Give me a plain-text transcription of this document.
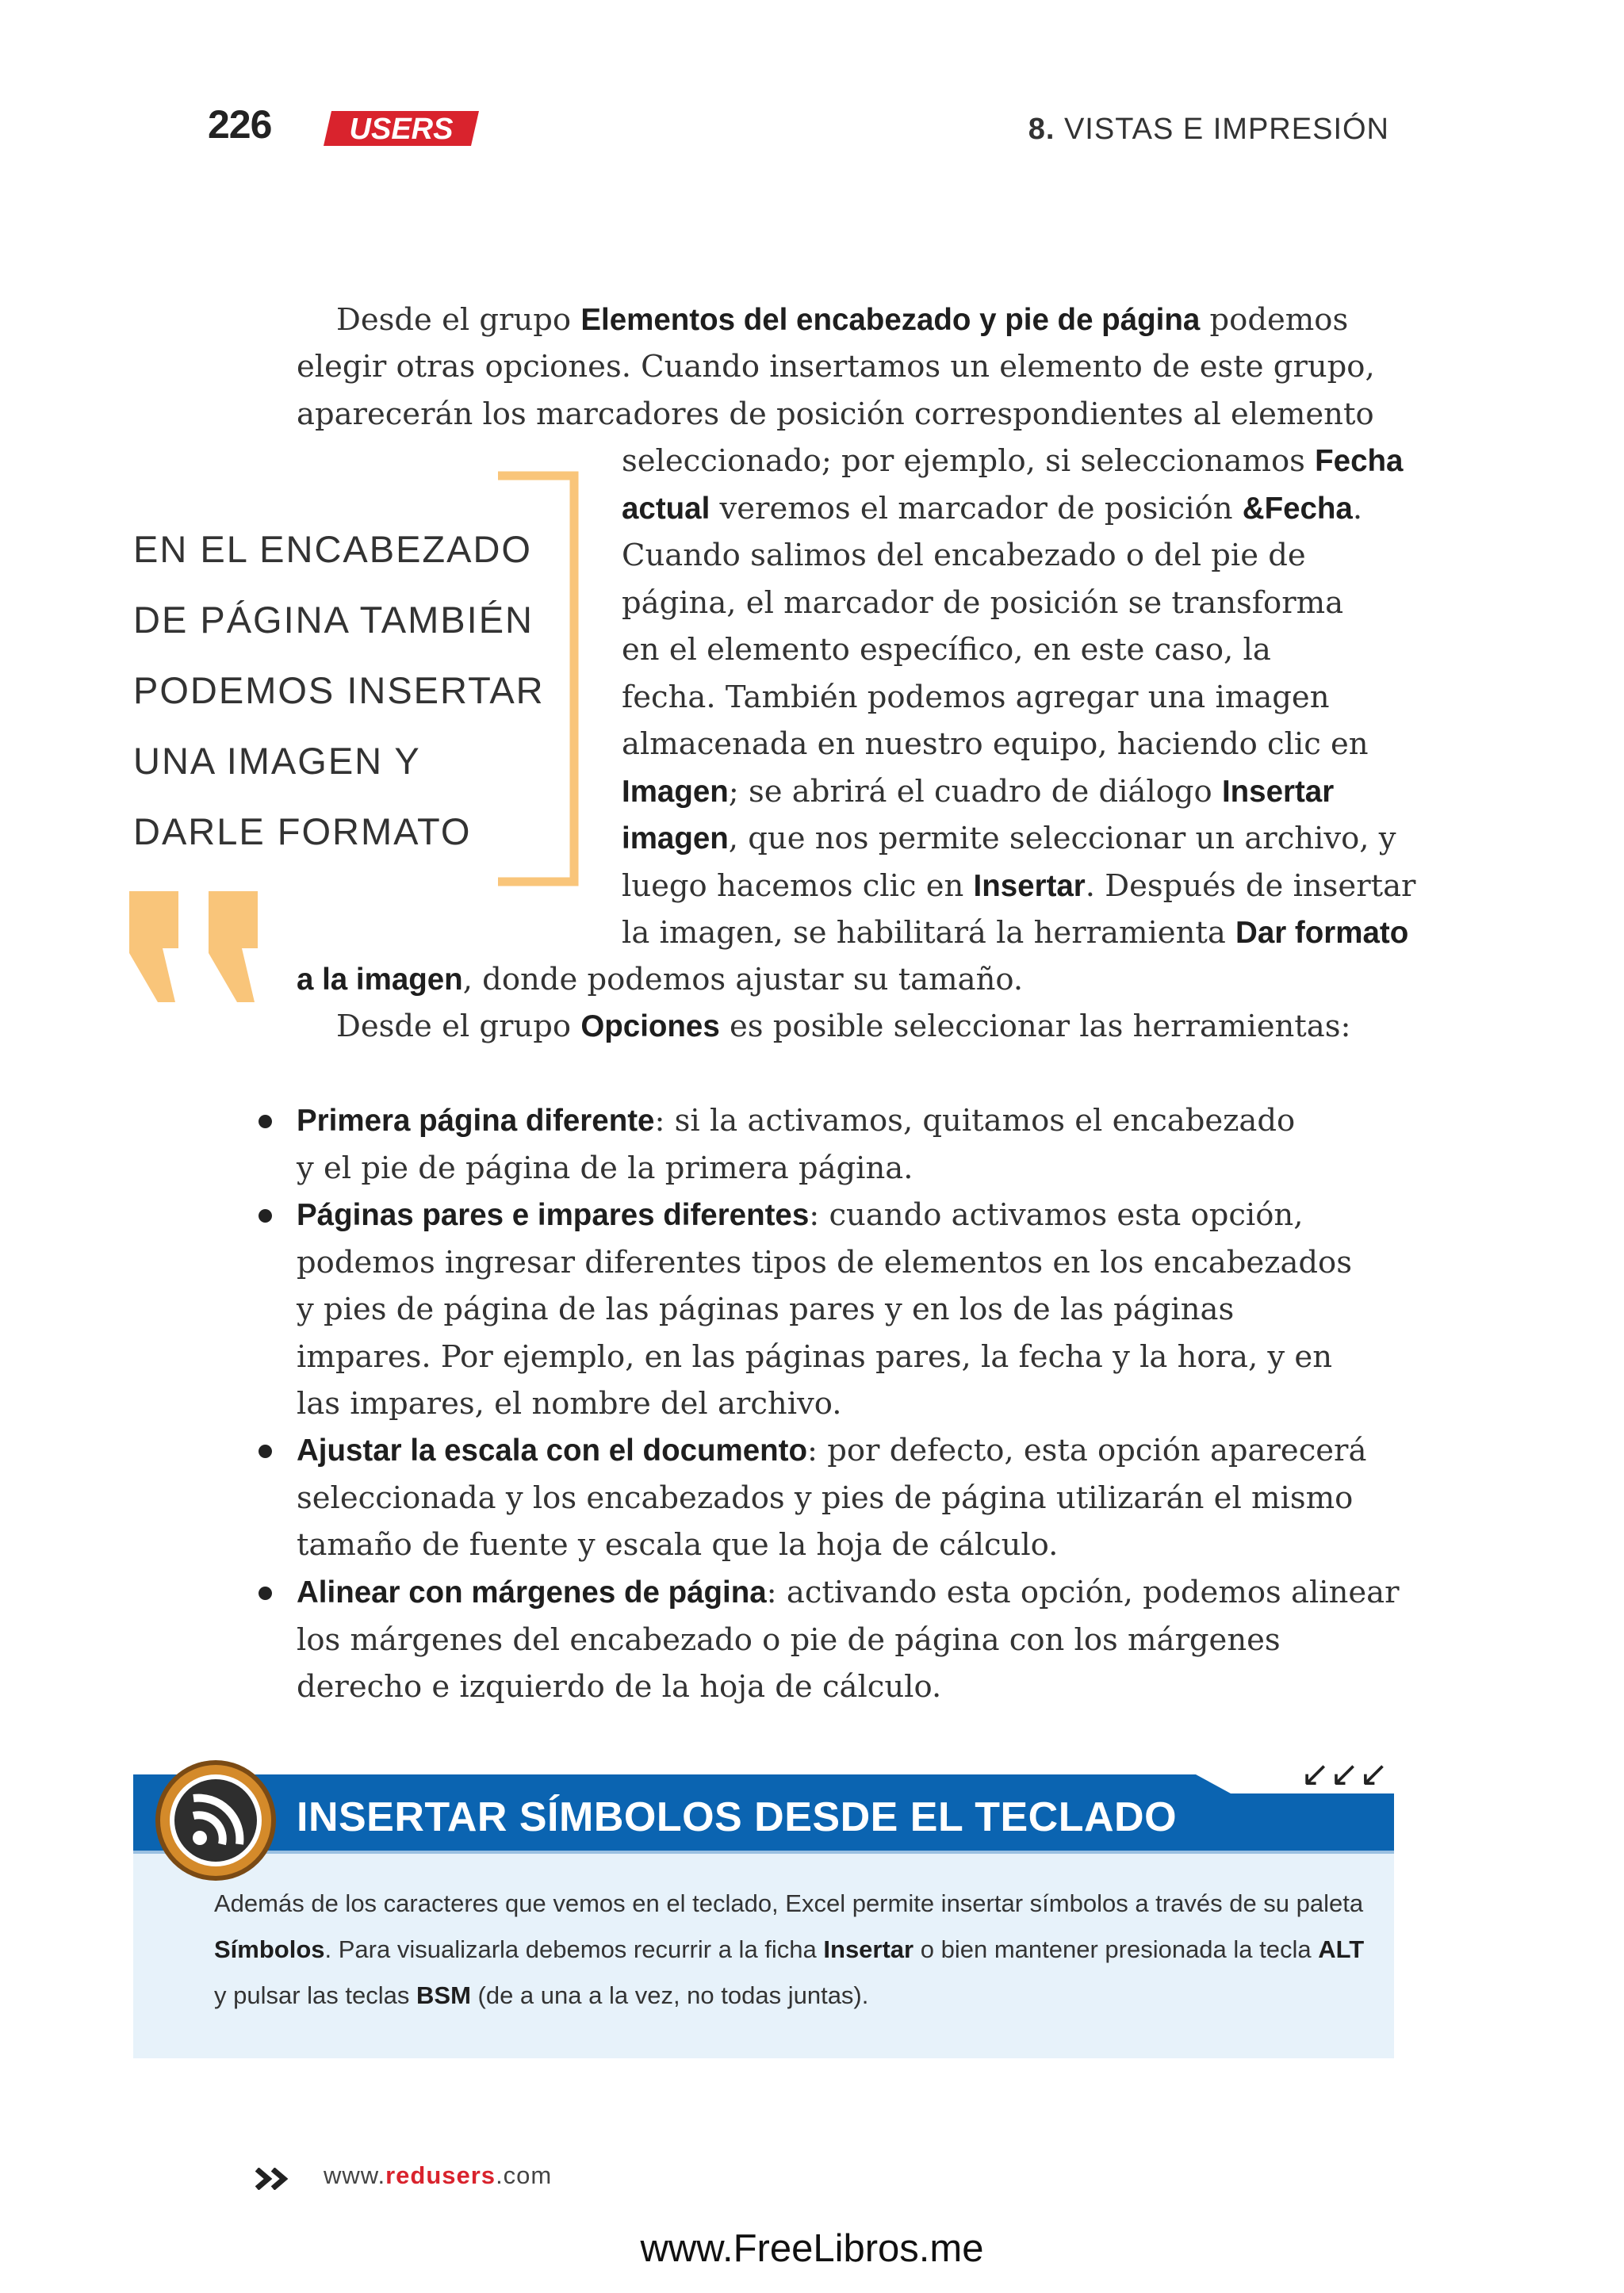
226	USERS	8. VISTAS E IMPRESIÓN
Desde el grupo Elementos del encabezado y pie de página podemos
elegir otras opciones. Cuando insertamos un elemento de este grupo,
aparecerán los marcadores de posición correspondientes al elemento
seleccionado; por ejemplo, si seleccionamos Fecha
actual veremos el marcador de posición &Fecha.
Cuando salimos del encabezado o del pie de
página, el marcador de posición se transforma
en el elemento específico, en este caso, la
fecha. También podemos agregar una imagen
almacenada en nuestro equipo, haciendo clic en
Imagen; se abrirá el cuadro de diálogo Insertar
imagen, que nos permite seleccionar un archivo, y
luego hacemos clic en Insertar. Después de insertar
la imagen, se habilitará la herramienta Dar formato
a la imagen, donde podemos ajustar su tamaño.
Desde el grupo Opciones es posible seleccionar las herramientas:
EN EL ENCABEZADO
DE PÁGINA TAMBIÉN
PODEMOS INSERTAR
UNA IMAGEN Y
DARLE FORMATO
Primera página diferente: si la activamos, quitamos el encabezado
y el pie de página de la primera página.
Páginas pares e impares diferentes: cuando activamos esta opción,
podemos ingresar diferentes tipos de elementos en los encabezados
y pies de página de las páginas pares y en los de las páginas
impares. Por ejemplo, en las páginas pares, la fecha y la hora, y en
las impares, el nombre del archivo.
Ajustar la escala con el documento: por defecto, esta opción aparecerá
seleccionada y los encabezados y pies de página utilizarán el mismo
tamaño de fuente y escala que la hoja de cálculo.
Alinear con márgenes de página: activando esta opción, podemos alinear
los márgenes del encabezado o pie de página con los márgenes
derecho e izquierdo de la hoja de cálculo.
INSERTAR SÍMBOLOS DESDE EL TECLADO
↙↙↙
Además de los caracteres que vemos en el teclado, Excel permite insertar símbolos a través de su paleta
Símbolos. Para visualizarla debemos recurrir a la ficha Insertar o bien mantener presionada la tecla ALT
y pulsar las teclas BSM (de a una a la vez, no todas juntas).
www.redusers.com
www.FreeLibros.me
